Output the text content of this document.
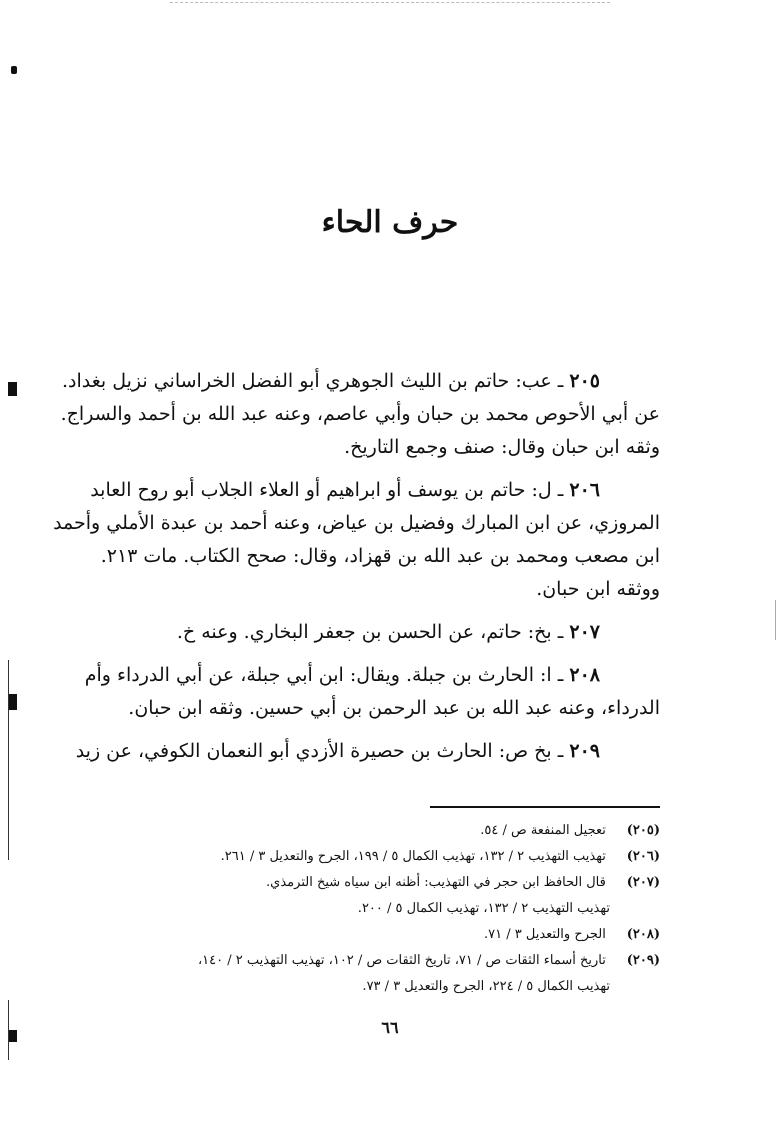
حرف الحاء
٢٠٥ ـ عب: حاتم بن الليث الجوهري أبو الفضل الخراساني نزيل بغداد.
عن أبي الأحوص محمد بن حبان وأبي عاصم، وعنه عبد الله بن أحمد والسراج.
وثقه ابن حبان وقال: صنف وجمع التاريخ.
٢٠٦ ـ ل: حاتم بن يوسف أو ابراهيم أو العلاء الجلاب أبو روح العابد
المروزي، عن ابن المبارك وفضيل بن عياض، وعنه أحمد بن عبدة الأملي وأحمد
ابن مصعب ومحمد بن عبد الله بن قهزاد، وقال: صحح الكتاب. مات ٢١٣.
ووثقه ابن حبان.
٢٠٧ ـ بخ: حاتم، عن الحسن بن جعفر البخاري. وعنه خ.
٢٠٨ ـ ا: الحارث بن جبلة. ويقال: ابن أبي جبلة، عن أبي الدرداء وأم
الدرداء، وعنه عبد الله بن عبد الرحمن بن أبي حسين. وثقه ابن حبان.
٢٠٩ ـ بخ ص: الحارث بن حصيرة الأزدي أبو النعمان الكوفي، عن زيد
(٢٠٥) تعجيل المنفعة ص / ٥٤.
(٢٠٦) تهذيب التهذيب ٢ / ١٣٢، تهذيب الكمال ٥ / ١٩٩، الجرح والتعديل ٣ / ٢٦١.
(٢٠٧) قال الحافظ ابن حجر في التهذيب: أظنه ابن سياه شيخ الترمذي.
تهذيب التهذيب ٢ / ١٣٢، تهذيب الكمال ٥ / ٢٠٠.
(٢٠٨) الجرح والتعديل ٣ / ٧١.
(٢٠٩) تاريخ أسماء الثقات ص / ٧١، تاريخ الثقات ص / ١٠٢، تهذيب التهذيب ٢ / ١٤٠،
تهذيب الكمال ٥ / ٢٢٤، الجرح والتعديل ٣ / ٧٣.
٦٦
